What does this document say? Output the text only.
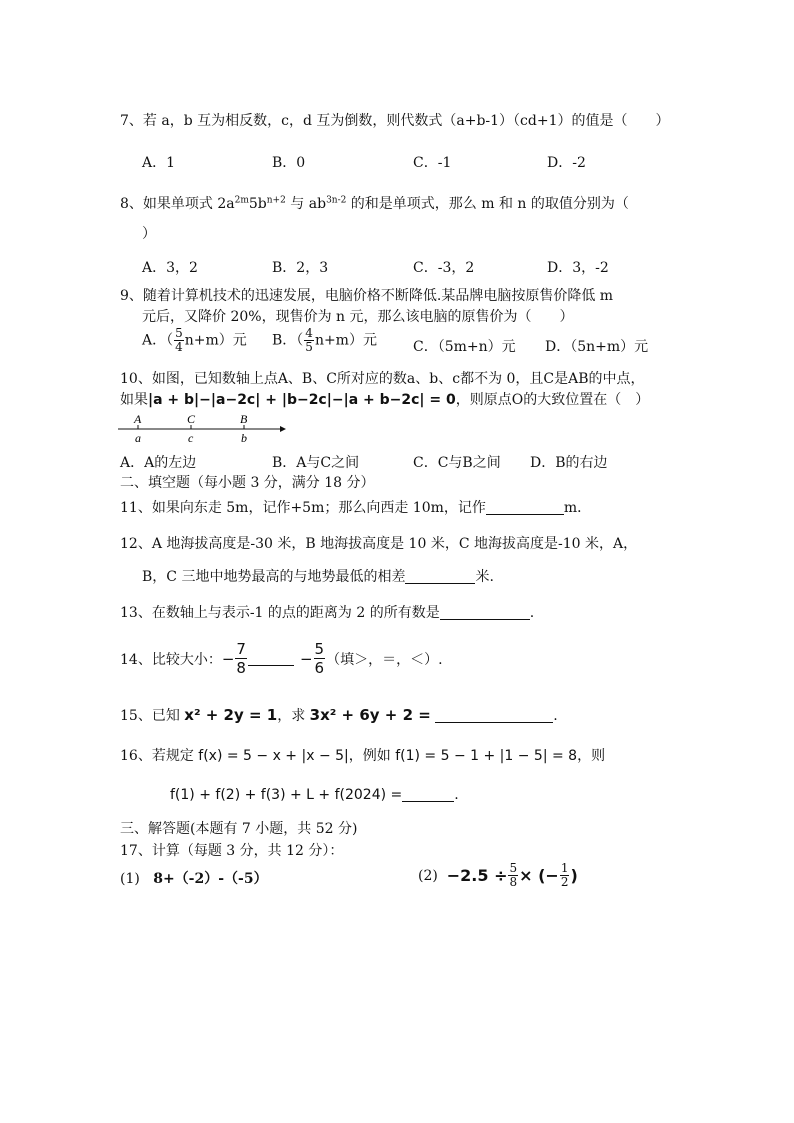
7、若 a，b 互为相反数，c，d 互为倒数，则代数式（a+b-1）（cd+1）的值是（　　）
A．1	B．0	C．-1	D．-2
8、如果单项式 $2a^{2m}5b^{n+2}$ 与 $ab^{3n-2}$ 的和是单项式，那么 m 和 n 的取值分别为（
）
A．3，2	B．2，3	C．-3，2	D．3，-2
9、随着计算机技术的迅速发展，电脑价格不断降低.某品牌电脑按原售价降低 m
元后，又降价 20%，现售价为 n 元，那么该电脑的原售价为（　　）
A．（ $\frac{5}{4} n+m$）元 B．（ $\frac{4}{5} n+m$）元	C．（5m+n）元 D．（5n+m）元
10、如图，已知数轴上点A、B、C所对应的数a、b、c都不为 0，且C是AB的中点，
如果|a + b|−|a−2c| + |b−2c|−|a + b−2c| = 0，则原点O的大致位置在（　）
A	C	B
a	c	b
A．A的左边	B．A与C之间	C．C与B之间 D．B的右边
二、填空题（每小题 3 分，满分 18 分）
11、如果向东走 5m，记作+5m；那么向西走 10m，记作	m．
12、A 地海拔高度是-30 米，B 地海拔高度是 10 米，C 地海拔高度是-10 米，A，
B，C 三地中地势最高的与地势最低的相差	米.
13、在数轴上与表示-1 的点的距离为 2 的所有数是	.
14、比较大小： − $\frac{7}{8}$	− $\frac{5}{6}$ （填＞，＝，＜）.
15、已知 x² + 2y = 1，求 3x² + 6y + 2 =	.
16、若规定 f(x) = 5 − x + |x − 5|，例如 f(1) = 5 − 1 + |1 − 5| = 8，则
f(1) + f(2) + f(3) + L + f(2024) =	.
三、解答题(本题有 7 小题，共 52 分)
17、计算（每题 3 分，共 12 分）：
(1) 8+（-2）-（-5）	(2)
$-2.5 \div \frac{5}{8}$ × (− $\frac{1}{2}$ )
